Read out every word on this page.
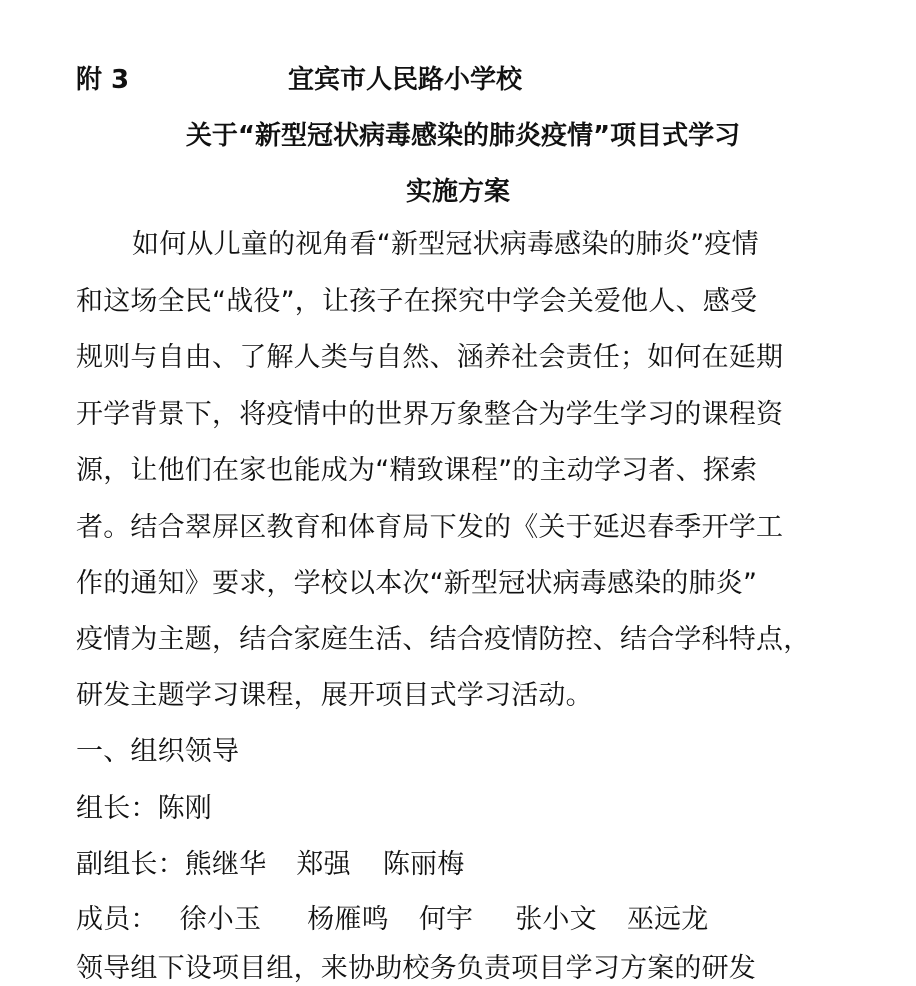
附 3	宜宾市人民路小学校
关于“新型冠状病毒感染的肺炎疫情”项目式学习
实施方案
如何从儿童的视角看“新型冠状病毒感染的肺炎”疫情
和这场全民“战役”，让孩子在探究中学会关爱他人、感受
规则与自由、了解人类与自然、涵养社会责任；如何在延期
开学背景下，将疫情中的世界万象整合为学生学习的课程资
源，让他们在家也能成为“精致课程”的主动学习者、探索
者。结合翠屏区教育和体育局下发的《关于延迟春季开学工
作的通知》要求，学校以本次“新型冠状病毒感染的肺炎”
疫情为主题，结合家庭生活、结合疫情防控、结合学科特点，
研发主题学习课程，展开项目式学习活动。
一、组织领导
组长：陈刚
副组长：熊继华 郑强 陈丽梅
成员： 徐小玉 杨雁鸣 何宇 张小文 巫远龙
领导组下设项目组，来协助校务负责项目学习方案的研发
